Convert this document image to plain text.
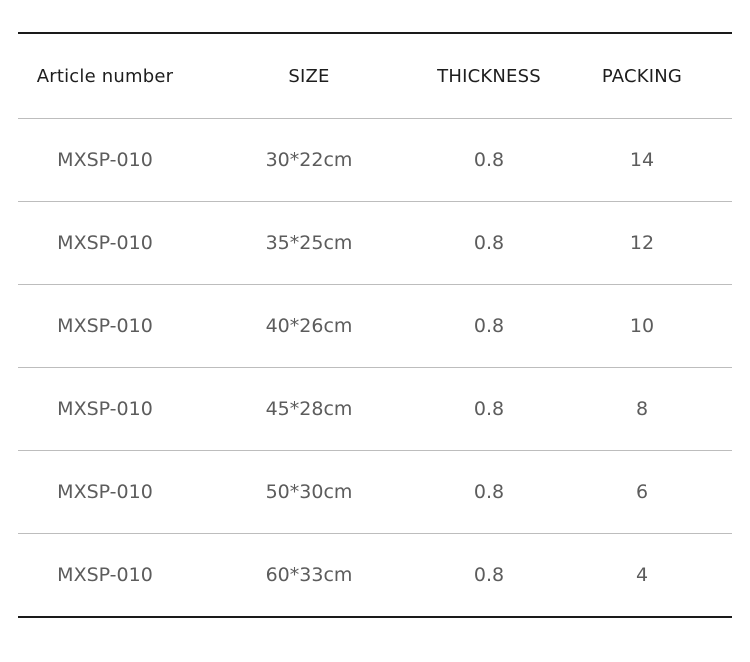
Article number	SIZE	THICKNESS	PACKING
MXSP-010	30*22cm	0.8	14
MXSP-010	35*25cm	0.8	12
MXSP-010	40*26cm	0.8	10
MXSP-010	45*28cm	0.8	8
MXSP-010	50*30cm	0.8	6
MXSP-010	60*33cm	0.8	4
